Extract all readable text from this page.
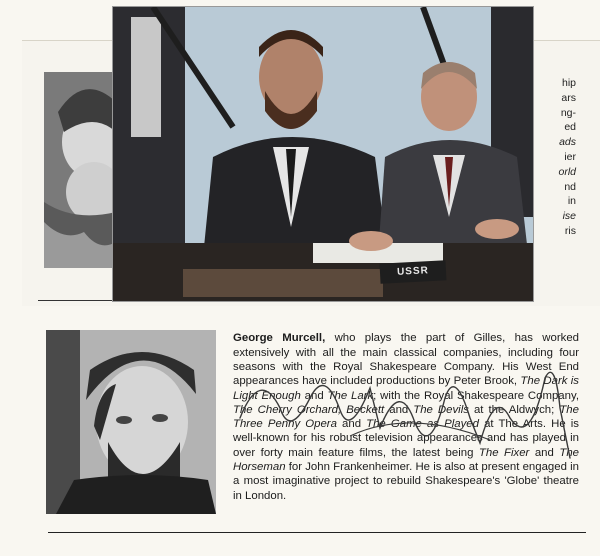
hip
ars
ng-
ed
ads
ier
orld
nd
in
ise
ris
USSR

George Murcell, who plays the part of Gilles, has worked extensively with all the main classical companies, including four seasons with the Royal Shakespeare Company. His West End appearances have included productions by Peter Brook, The Dark is Light Enough and The Lark; with the Royal Shakespeare Company, The Cherry Orchard, Beckett and The Devils at the Aldwych; The Three Penny Opera and The Game as Played at The Arts. He is well-known for his robust television appearances and has played in over forty main feature films, the latest being The Fixer and The Horseman for John Frankenheimer. He is also at present engaged in a most imaginative project to rebuild Shakespeare's 'Globe' theatre in London.
